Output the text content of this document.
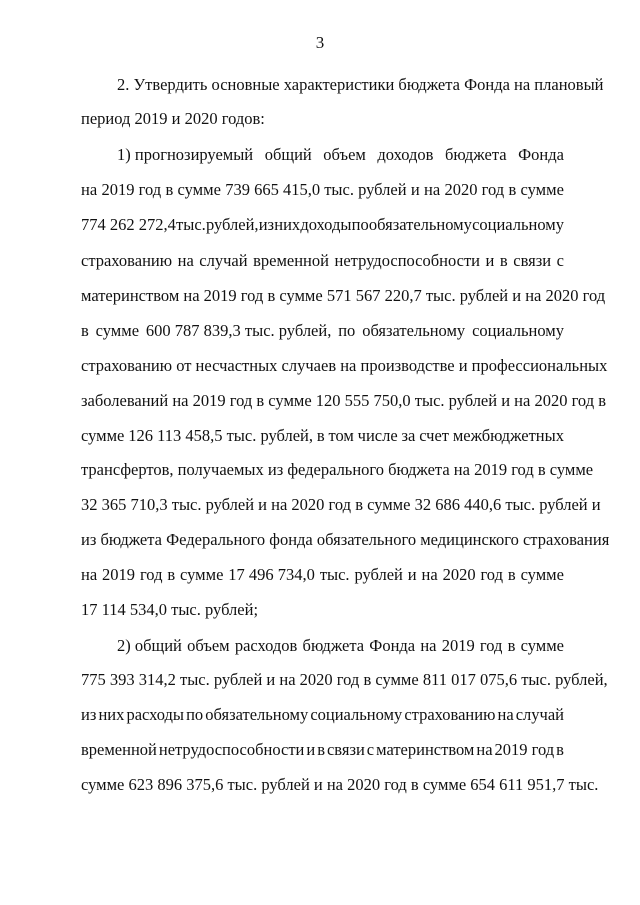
3
2. Утвердить основные характеристики бюджета Фонда на плановый
период 2019 и 2020 годов:
1) прогнозируемый общий объем доходов бюджета Фонда
на 2019 год в сумме 739 665 415,0 тыс. рублей и на 2020 год в сумме
774 262 272,4 тыс. рублей, из них доходы по обязательному социальному
страхованию на случай временной нетрудоспособности и в связи с
материнством на 2019 год в сумме 571 567 220,7 тыс. рублей и на 2020 год
в сумме 600 787 839,3 тыс. рублей, по обязательному социальному
страхованию от несчастных случаев на производстве и профессиональных
заболеваний на 2019 год в сумме 120 555 750,0 тыс. рублей и на 2020 год в
сумме 126 113 458,5 тыс. рублей, в том числе за счет межбюджетных
трансфертов, получаемых из федерального бюджета на 2019 год в сумме
32 365 710,3 тыс. рублей и на 2020 год в сумме 32 686 440,6 тыс. рублей и
из бюджета Федерального фонда обязательного медицинского страхования
на 2019 год в сумме 17 496 734,0 тыс. рублей и на 2020 год в сумме
17 114 534,0 тыс. рублей;
2) общий объем расходов бюджета Фонда на 2019 год в сумме
775 393 314,2 тыс. рублей и на 2020 год в сумме 811 017 075,6 тыс. рублей,
из них расходы по обязательному социальному страхованию на случай
временной нетрудоспособности и в связи с материнством на 2019 год в
сумме 623 896 375,6 тыс. рублей и на 2020 год в сумме 654 611 951,7 тыс.
